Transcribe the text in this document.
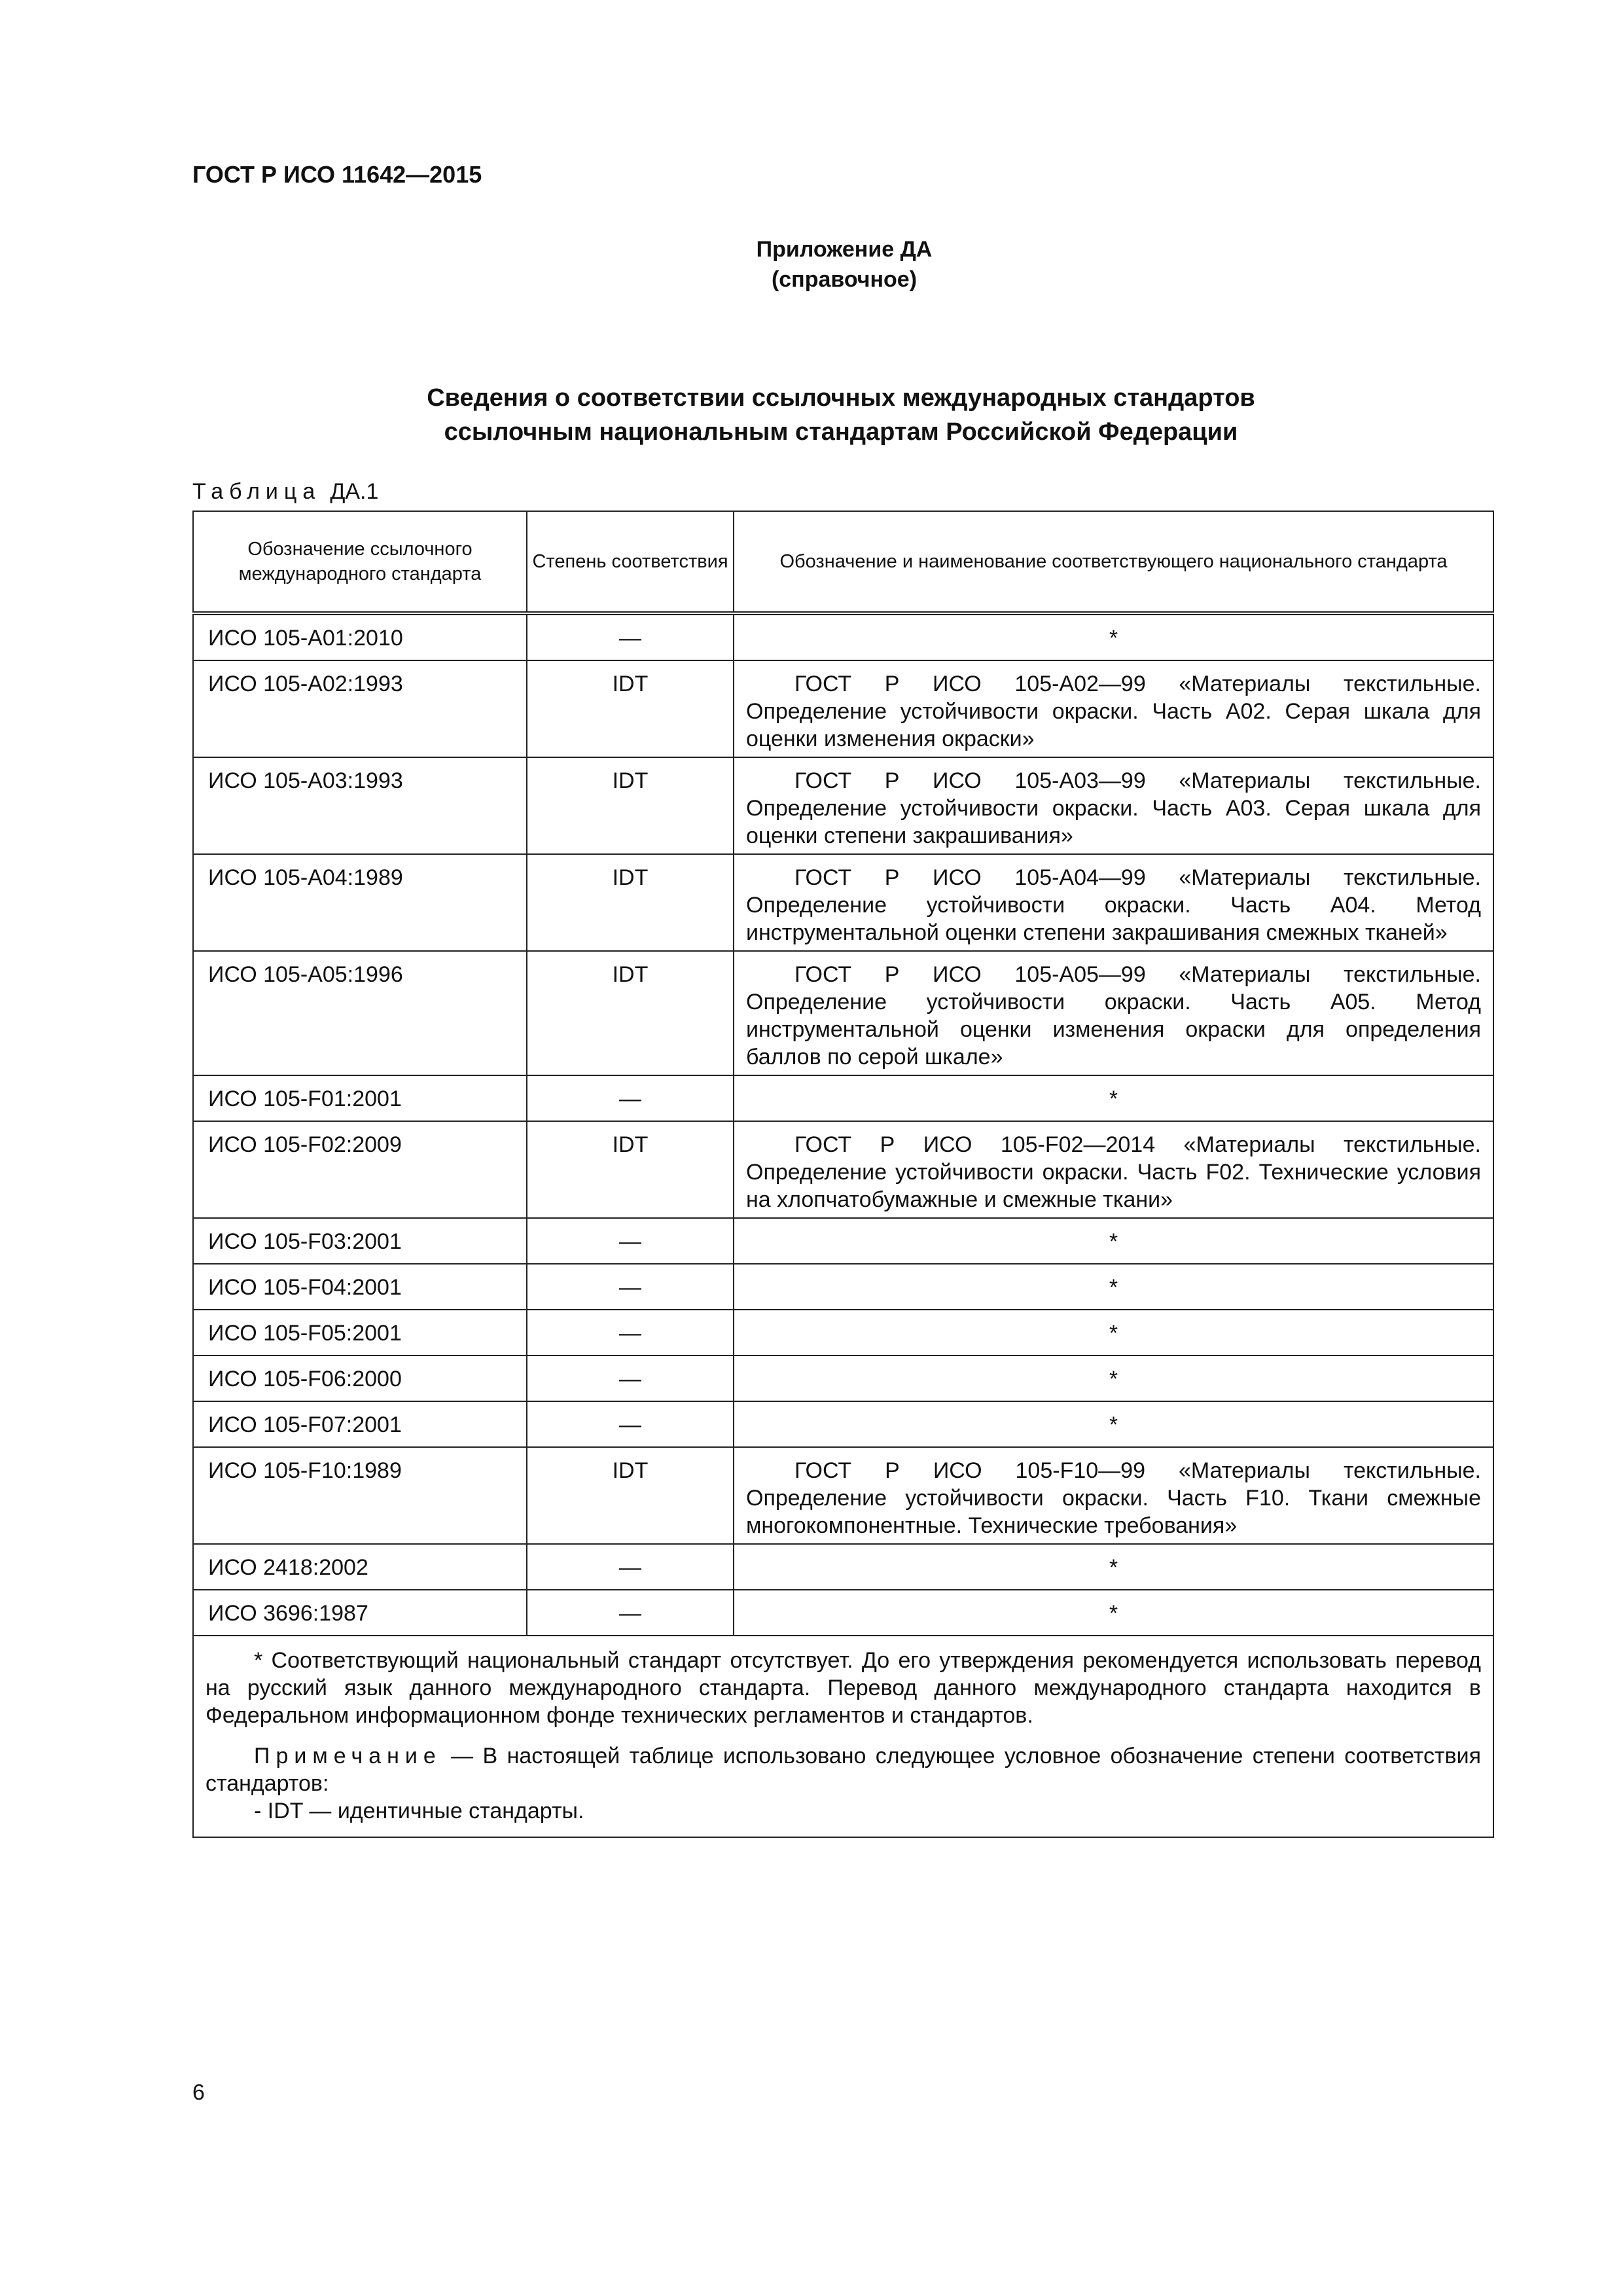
ГОСТ Р ИСО 11642—2015
Приложение ДА
(справочное)
Сведения о соответствии ссылочных международных стандартов
ссылочным национальным стандартам Российской Федерации
Таблица ДА.1
Обозначение ссылочного международного стандарта	Степень соответствия	Обозначение и наименование соответствующего национального стандарта
ИСО 105-A01:2010	—	*
ИСО 105-A02:1993	IDT	ГОСТ Р ИСО 105-А02—99 «Материалы текстильные. Определение устойчивости окраски. Часть А02. Серая шкала для оценки изменения окраски»
ИСО 105-A03:1993	IDT	ГОСТ Р ИСО 105-А03—99 «Материалы текстильные. Определение устойчивости окраски. Часть А03. Серая шкала для оценки степени закрашивания»
ИСО 105-A04:1989	IDT	ГОСТ Р ИСО 105-А04—99 «Материалы текстильные. Определение устойчивости окраски. Часть А04. Метод инструментальной оценки степени закрашивания смежных тканей»
ИСО 105-A05:1996	IDT	ГОСТ Р ИСО 105-А05—99 «Материалы текстильные. Определение устойчивости окраски. Часть А05. Метод инструментальной оценки изменения окраски для определения баллов по серой шкале»
ИСО 105-F01:2001	—	*
ИСО 105-F02:2009	IDT	ГОСТ Р ИСО 105-F02—2014 «Материалы текстильные. Определение устойчивости окраски. Часть F02. Технические условия на хлопчатобумажные и смежные ткани»
ИСО 105-F03:2001	—	*
ИСО 105-F04:2001	—	*
ИСО 105-F05:2001	—	*
ИСО 105-F06:2000	—	*
ИСО 105-F07:2001	—	*
ИСО 105-F10:1989	IDT	ГОСТ Р ИСО 105-F10—99 «Материалы текстильные. Определение устойчивости окраски. Часть F10. Ткани смежные многокомпонентные. Технические требования»
ИСО 2418:2002	—	*
ИСО 3696:1987	—	*

* Соответствующий национальный стандарт отсутствует. До его утверждения рекомендуется использовать перевод на русский язык данного международного стандарта. Перевод данного международного стандарта находится в Федеральном информационном фонде технических регламентов и стандартов.

Примечание — В настоящей таблице использовано следующее условное обозначение степени соответствия стандартов:

- IDT — идентичные стандарты.		
6
